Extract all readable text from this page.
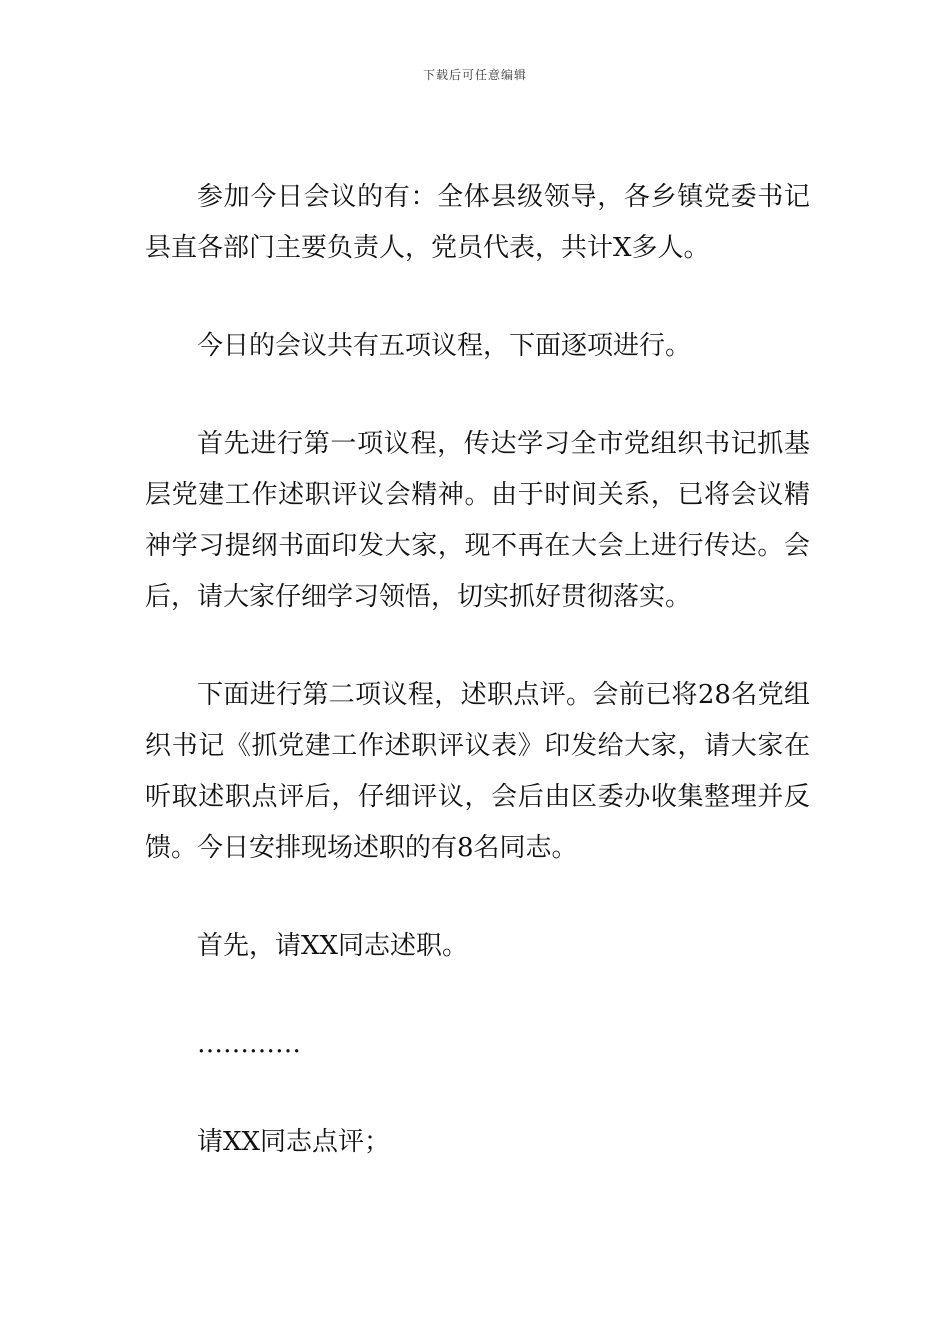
下载后可任意编辑

参加今日会议的有：全体县级领导，各乡镇党委书记县直各部门主要负责人，党员代表，共计X多人。

今日的会议共有五项议程，下面逐项进行。

首先进行第一项议程，传达学习全市党组织书记抓基层党建工作述职评议会精神。由于时间关系，已将会议精神学习提纲书面印发大家，现不再在大会上进行传达。会后，请大家仔细学习领悟，切实抓好贯彻落实。

下面进行第二项议程，述职点评。会前已将28名党组织书记《抓党建工作述职评议表》印发给大家，请大家在听取述职点评后，仔细评议，会后由区委办收集整理并反馈。今日安排现场述职的有8名同志。

首先，请XX同志述职。

…………

请XX同志点评；
